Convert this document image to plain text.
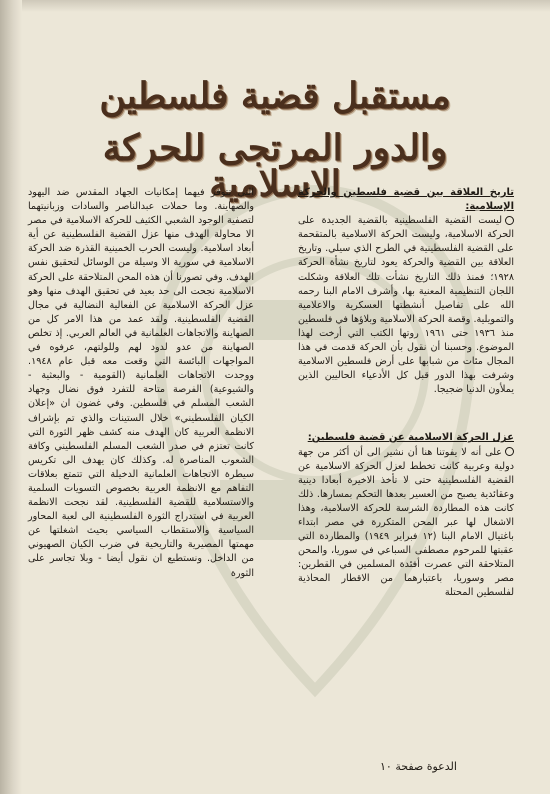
مستقبل قضية فلسطين
والدور المرتجى للحركة الاسلامية

تاريخ العلاقة بين قضية فلسطين والحركة الإسلامية:

ليست القضية الفلسطينية بالقضية الجديدة على الحركة الاسلامية، وليست الحركة الاسلامية بالمتقحمة على القضية الفلسطينية في الطرح الذي سيلي. وتاريخ العلاقة بين القضية والحركة يعود لتاريخ نشأة الحركة ١٩٢٨؛ فمنذ ذلك التاريخ نشأت تلك العلاقة وشكلت اللجان التنظيمية المعنية بها، وأشرف الامام البنا رحمه الله على تفاصيل أنشطتها العسكرية والاعلامية والتمويلية. وقصة الحركة الاسلامية وبلاؤها في فلسطين منذ ١٩٣٦ حتى ١٩٦١ روتها الكتب التي أرخت لهذا الموضوع. وحسبنا أن نقول بأن الحركة قدمت في هذا المجال مئات من شبابها على أرض فلسطين الاسلامية وشرفت بهذا الدور قبل كل الأدعياء الحاليين الذين يملأون الدنيا ضجيجا.

عزل الحركة الاسلامية عن قضية فلسطين:

على أنه لا يفوتنا هنا أن نشير الى أن أكثر من جهة دولية وعربية كانت تخطط لعزل الحركة الاسلامية عن القضية الفلسطينية حتى لا تأخذ الاخيرة أبعادا دينية وعقائدية يصبح من العسير بعدها التحكم بمسارها. ذلك كانت هذه المطاردة الشرسة للحركة الاسلامية، وهذا الاشغال لها عبر المحن المتكررة في مصر ابتداء باغتيال الامام البنا (١٢ فبراير ١٩٤٩) والمطاردة التي عقبتها للمرحوم مصطفى السباعي في سوريا، والمحن المتلاحقة التي عصرت أفئدة المسلمين في القطرين: مصر وسوريا، باعتبارهما من الاقطار المحاذية لفلسطين المحتلة

التي تتوفر فيهما إمكانيات الجهاد المقدس ضد اليهود والصهاينة. وما حملات عبدالناصر والسادات وزبانيتهما لتصفية الوجود الشعبي الكثيف للحركة الاسلامية في مصر الا محاولة الهدف منها عزل القضية الفلسطينية عن أية أبعاد اسلامية. وليست الحرب الخمينية القذرة ضد الحركة الاسلامية في سورية الا وسيلة من الوسائل لتحقيق نفس الهدف. وفي تصورنا أن هذه المحن المتلاحقة على الحركة الاسلامية نجحت الى حد بعيد في تحقيق الهدف منها وهو عزل الحركة الاسلامية عن الفعالية النضالية في مجال القضية الفلسطينية. ولقد عمد من هذا الامر كل من الصهاينة والاتجاهات العلمانية في العالم العربي. إذ تخلص الصهاينة من عدو لدود لهم وللولتهم، عرفوه في المواجهات البائسة التي وقعت معه قبل عام ١٩٤٨. ووجدت الاتجاهات العلمانية (القومية - والبعثية - والشيوعية) الفرصة متاحة للتفرد فوق نضال وجهاد الشعب المسلم في فلسطين. وفي غضون ان «إعلان الكيان الفلسطيني» خلال الستينات والذي تم بإشراف الانظمة العربية كان الهدف منه كشف ظهر الثورة التي كانت تعتزم في صدر الشعب المسلم الفلسطيني وكافة الشعوب المناصرة له. وكذلك كان يهدف الى تكريس سيطرة الاتجاهات العلمانية الدخيلة التي تتمتع بعلاقات التفاهم مع الانظمة العربية بخصوص التسويات السلمية والاستسلامية للقضية الفلسطينية. لقد نجحت الانظمة العربية في استدراج الثورة الفلسطينية الى لعبة المحاور السياسية والاستقطاب السياسي بحيث اشغلتها عن مهمتها المصيرية والتاريخية في ضرب الكيان الصهيوني من الداخل. ونستطيع ان نقول أيضا - وبلا تجاسر على الثورة

الدعوة صفحة ١٠
